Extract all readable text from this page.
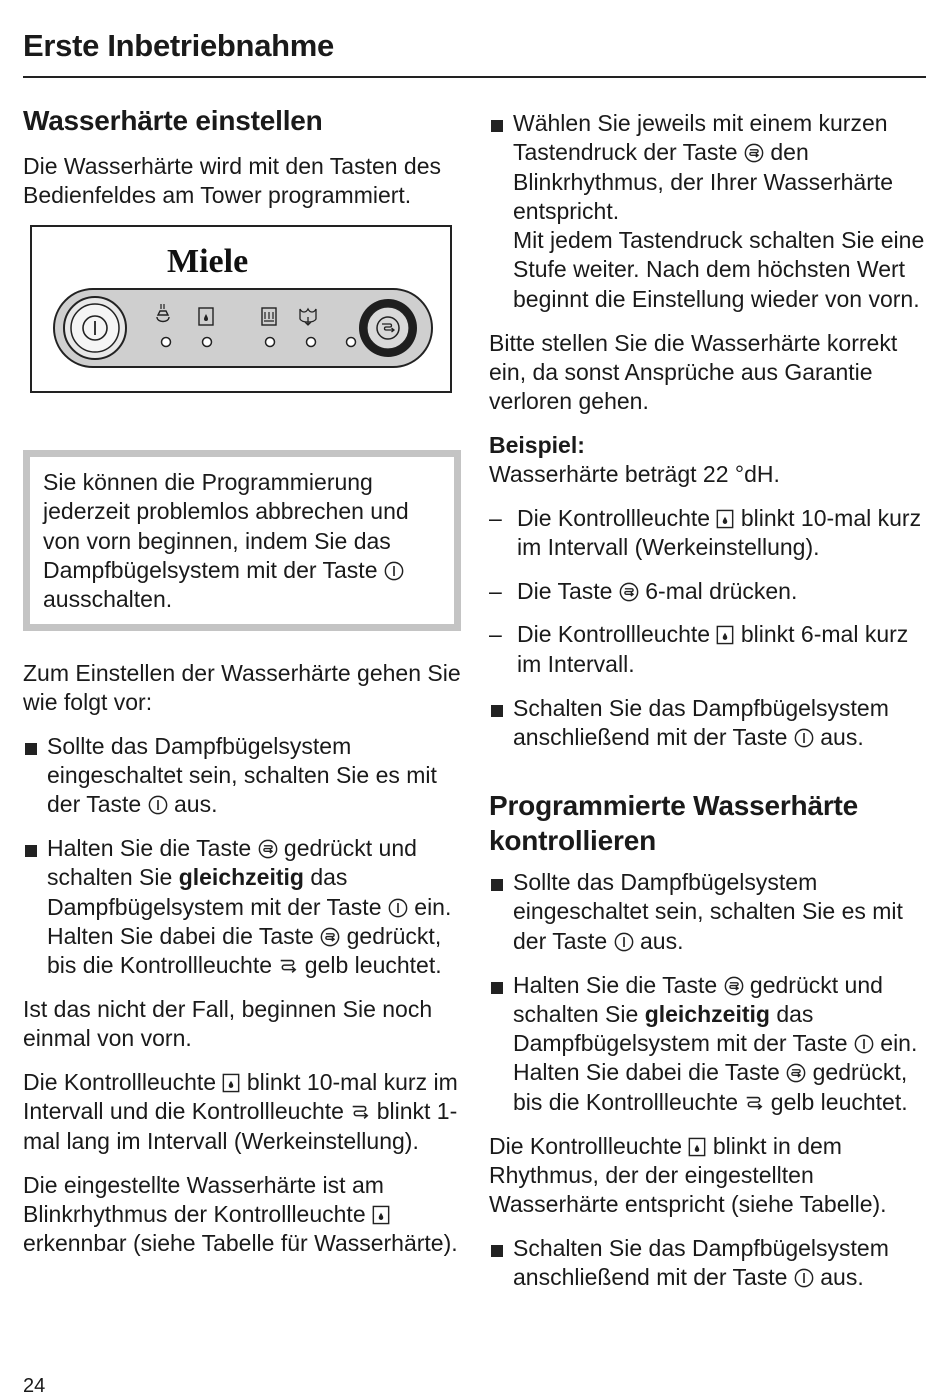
Erste Inbetriebnahme
Wasserhärte einstellen

Die Wasserhärte wird mit den Tasten des Bedienfeldes am Tower programmiert.

Miele

Sie können die Programmierung jederzeit problemlos abbrechen und von vorn beginnen, indem Sie das Dampfbügelsystem mit der Taste  ausschalten.

Zum Einstellen der Wasserhärte gehen Sie wie folgt vor:

Sollte das Dampfbügelsystem eingeschaltet sein, schalten Sie es mit der Taste  aus.
Halten Sie die Taste  gedrückt und schalten Sie gleichzeitig das Dampfbügelsystem mit der Taste  ein. Halten Sie dabei die Taste  gedrückt, bis die Kontrollleuchte  gelb leuchtet.

Ist das nicht der Fall, beginnen Sie noch einmal von vorn.

Die Kontrollleuchte  blinkt 10-mal kurz im Intervall und die Kontrollleuchte  blinkt 1-mal lang im Intervall (Werkeinstellung).

Die eingestellte Wasserhärte ist am Blinkrhythmus der Kontrollleuchte  erkennbar (siehe Tabelle für Wasserhärte).

Wählen Sie jeweils mit einem kurzen Tastendruck der Taste  den Blinkrhythmus, der Ihrer Wasserhärte entspricht.
Mit jedem Tastendruck schalten Sie eine Stufe weiter. Nach dem höchsten Wert beginnt die Einstellung wieder von vorn.

Bitte stellen Sie die Wasserhärte korrekt ein, da sonst Ansprüche aus Garantie verloren gehen.

Beispiel:
Wasserhärte beträgt 22 °dH.

– Die Kontrollleuchte  blinkt 10-mal kurz im Intervall (Werkeinstellung).
– Die Taste  6-mal drücken.
– Die Kontrollleuchte  blinkt 6-mal kurz im Intervall.
Schalten Sie das Dampfbügelsystem anschließend mit der Taste  aus.
Programmierte Wasserhärte kontrollieren
Sollte das Dampfbügelsystem eingeschaltet sein, schalten Sie es mit der Taste  aus.
Halten Sie die Taste  gedrückt und schalten Sie gleichzeitig das Dampfbügelsystem mit der Taste  ein. Halten Sie dabei die Taste  gedrückt, bis die Kontrollleuchte  gelb leuchtet.

Die Kontrollleuchte  blinkt in dem Rhythmus, der der eingestellten Wasserhärte entspricht (siehe Tabelle).

Schalten Sie das Dampfbügelsystem anschließend mit der Taste  aus.
24
